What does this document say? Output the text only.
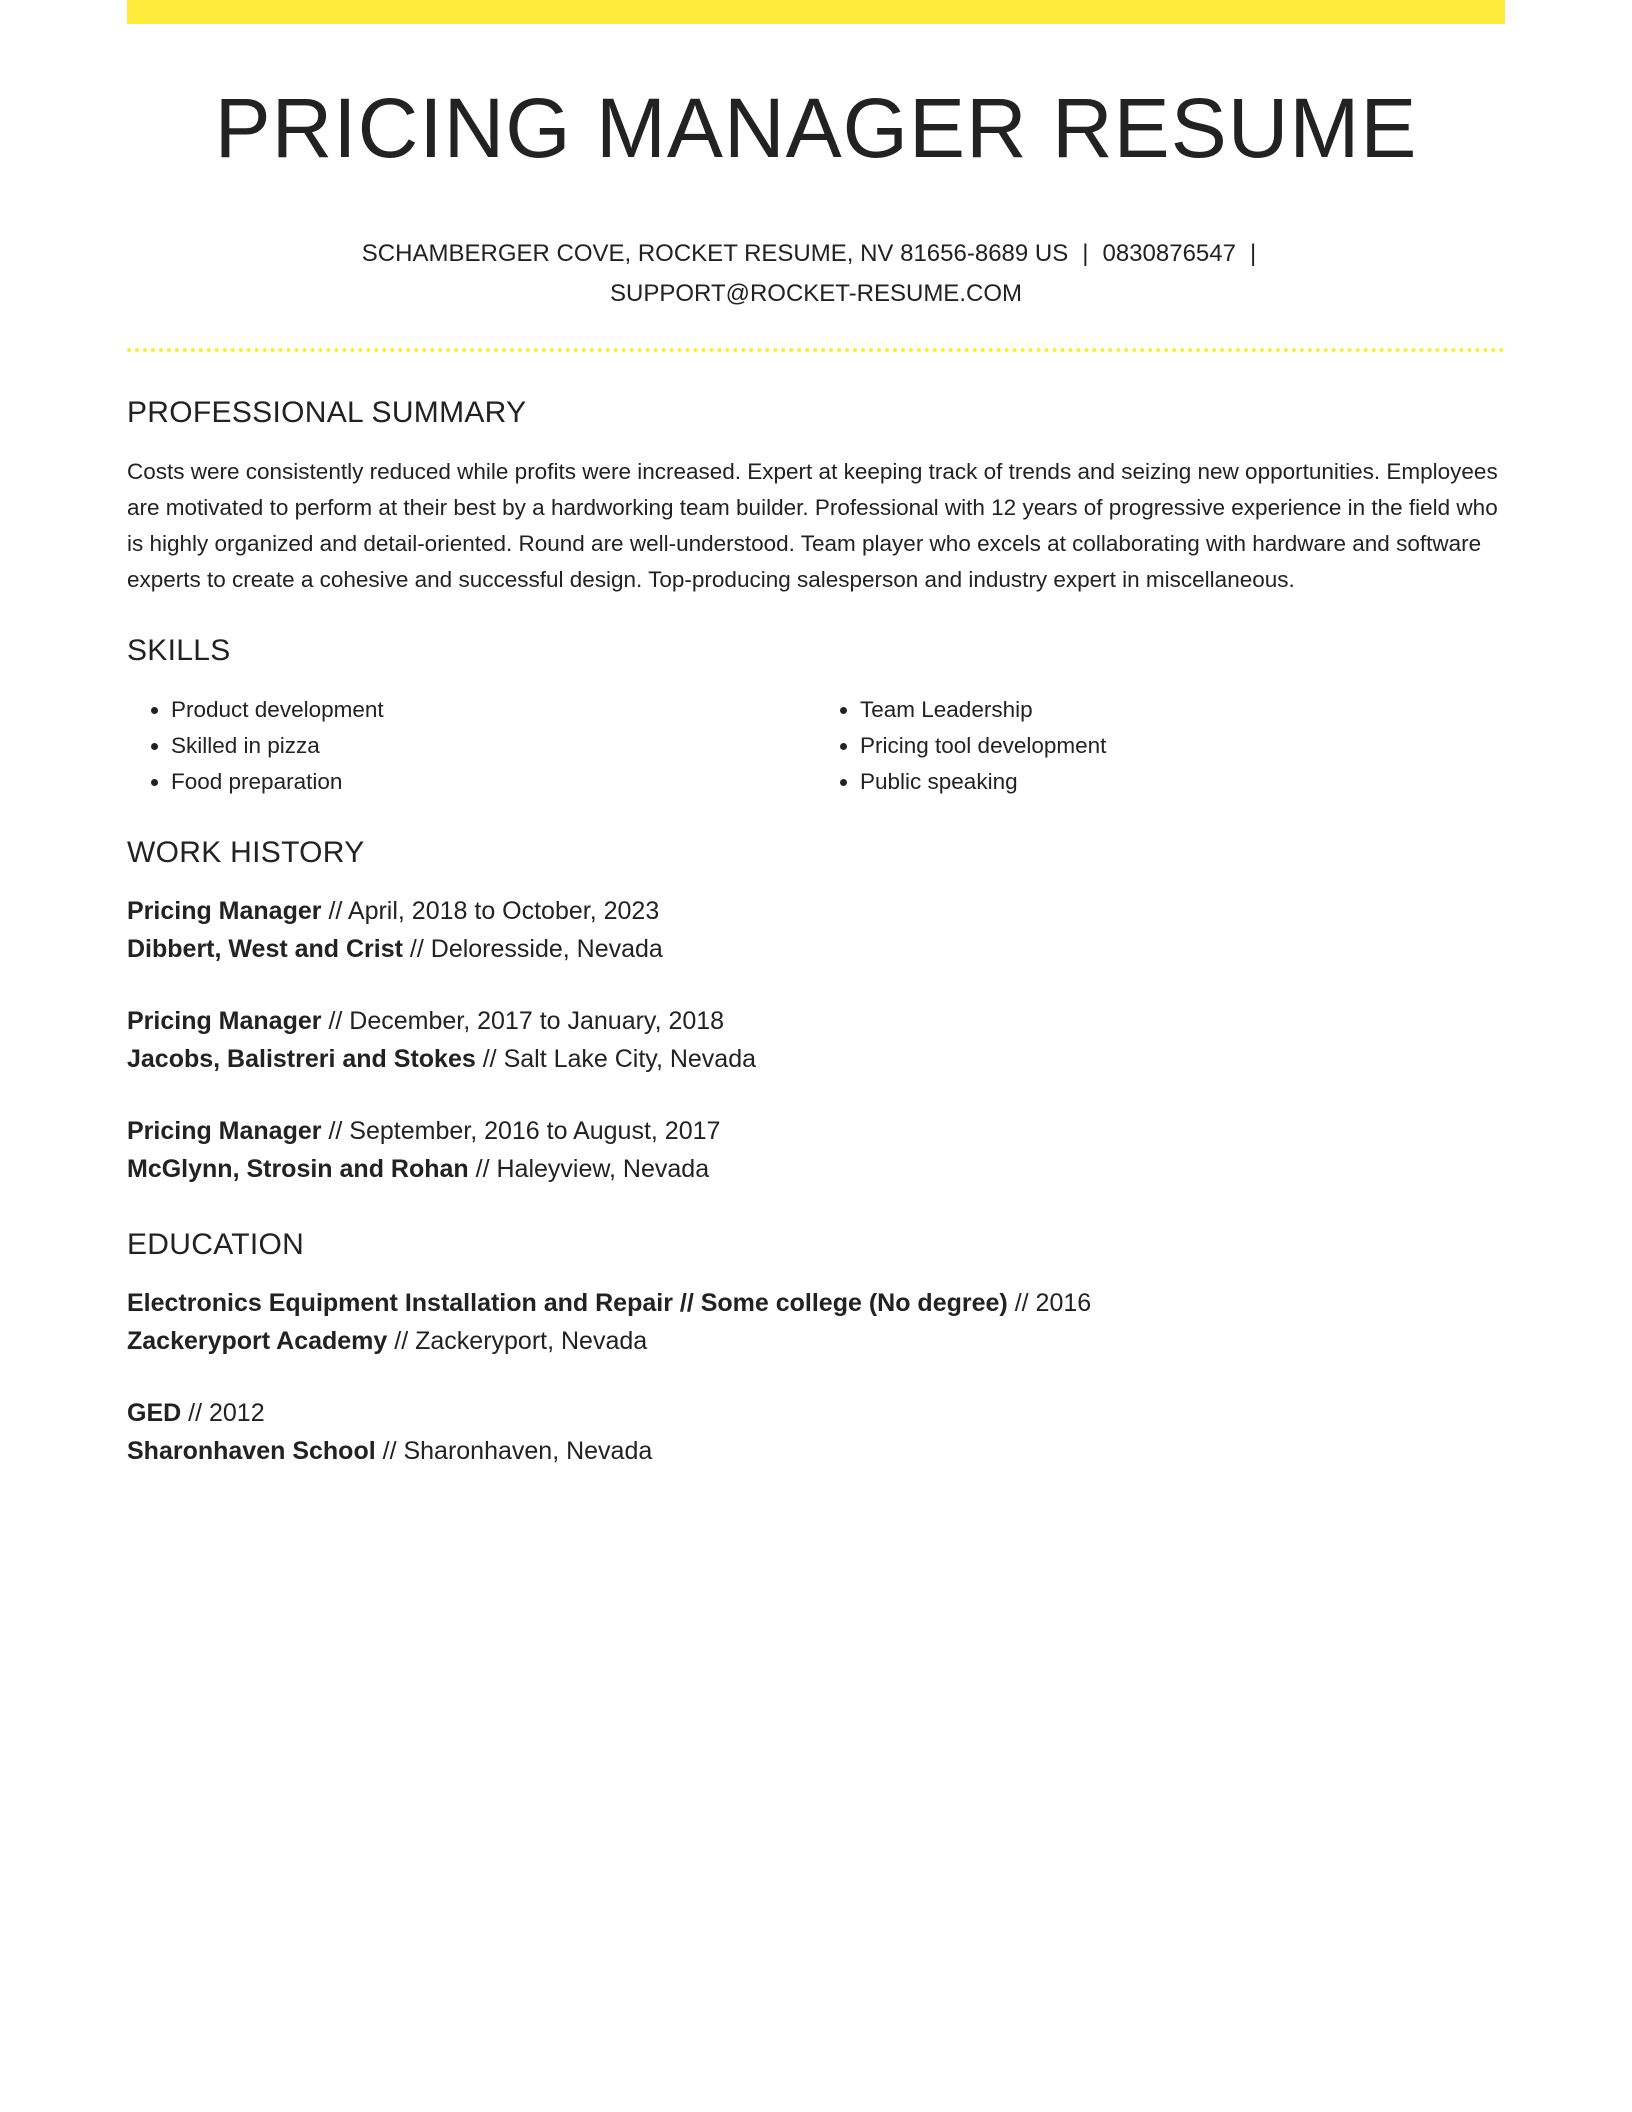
PRICING MANAGER RESUME
SCHAMBERGER COVE, ROCKET RESUME, NV 81656-8689 US | 0830876547 |
SUPPORT@ROCKET-RESUME.COM
PROFESSIONAL SUMMARY

Costs were consistently reduced while profits were increased. Expert at keeping track of trends and seizing new opportunities. Employees are motivated to perform at their best by a hardworking team builder. Professional with 12 years of progressive experience in the field who is highly organized and detail-oriented. Round are well-understood. Team player who excels at collaborating with hardware and software experts to create a cohesive and successful design. Top-producing salesperson and industry expert in miscellaneous.

SKILLS
• Product development
• Skilled in pizza
• Food preparation
• Team Leadership
• Pricing tool development
• Public speaking
WORK HISTORY
Pricing Manager // April, 2018 to October, 2023
Dibbert, West and Crist // Deloresside, Nevada
Pricing Manager // December, 2017 to January, 2018
Jacobs, Balistreri and Stokes // Salt Lake City, Nevada
Pricing Manager // September, 2016 to August, 2017
McGlynn, Strosin and Rohan // Haleyview, Nevada
EDUCATION
Electronics Equipment Installation and Repair // Some college (No degree) // 2016
Zackeryport Academy // Zackeryport, Nevada
GED // 2012
Sharonhaven School // Sharonhaven, Nevada
